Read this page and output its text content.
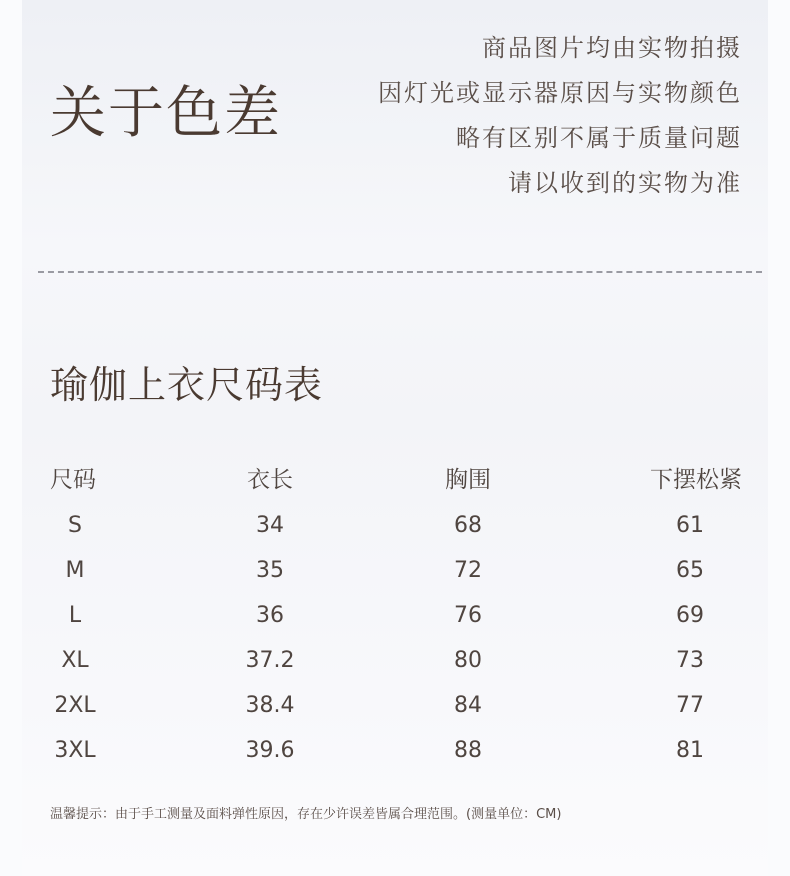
关于色差
商品图片均由实物拍摄
因灯光或显示器原因与实物颜色
略有区别不属于质量问题
请以收到的实物为准
瑜伽上衣尺码表
尺码	衣长	胸围	下摆松紧
S	34	68	61
M	35	72	65
L	36	76	69
XL	37.2	80	73
2XL	38.4	84	77
3XL	39.6	88	81
温馨提示：由于手工测量及面料弹性原因，存在少许误差皆属合理范围。(测量单位：CM)
